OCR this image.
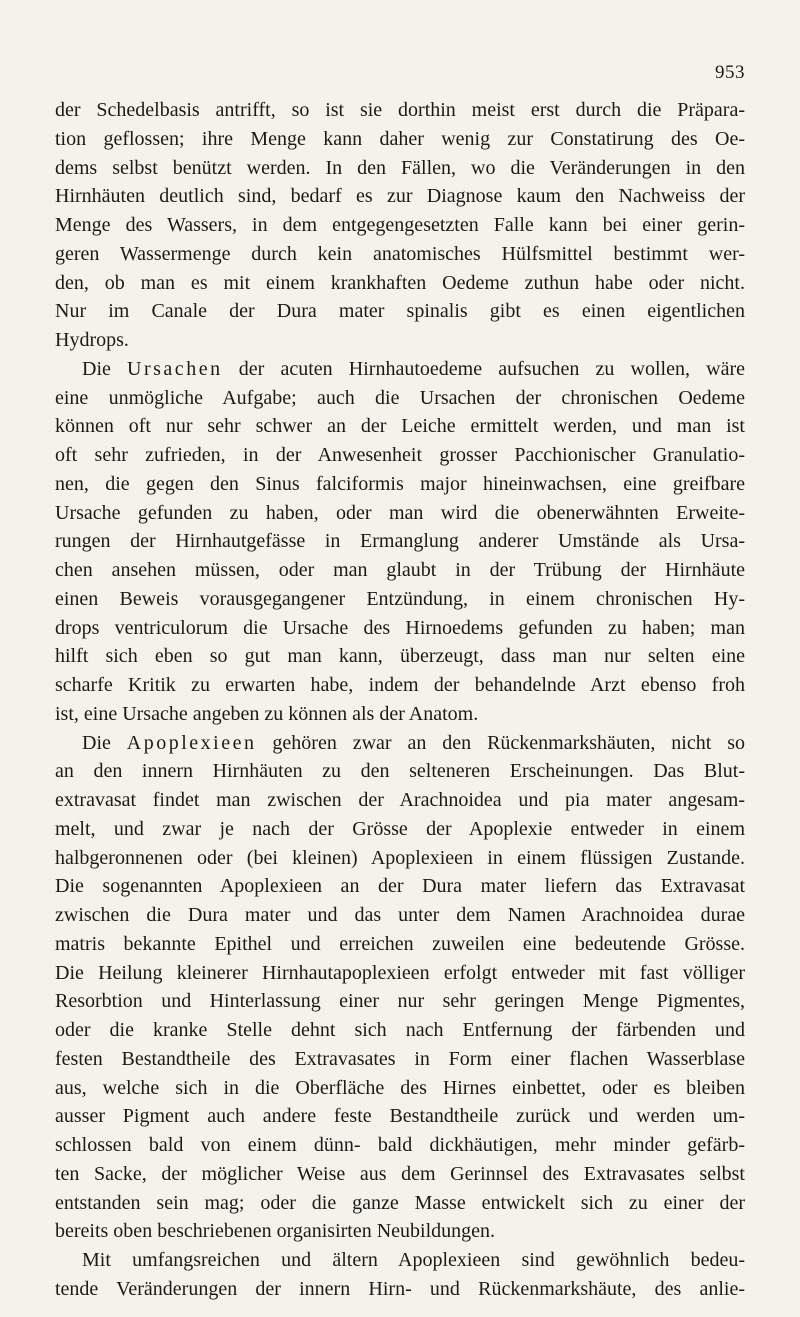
953
der Schedelbasis antrifft, so ist sie dorthin meist erst durch die Präpara-
tion geflossen; ihre Menge kann daher wenig zur Constatirung des Oe-
dems selbst benützt werden. In den Fällen, wo die Veränderungen in den
Hirnhäuten deutlich sind, bedarf es zur Diagnose kaum den Nachweiss der
Menge des Wassers, in dem entgegengesetzten Falle kann bei einer gerin-
geren Wassermenge durch kein anatomisches Hülfsmittel bestimmt wer-
den, ob man es mit einem krankhaften Oedeme zuthun habe oder nicht.
Nur im Canale der Dura mater spinalis gibt es einen eigentlichen
Hydrops.
Die Ursachen der acuten Hirnhautoedeme aufsuchen zu wollen, wäre
eine unmögliche Aufgabe; auch die Ursachen der chronischen Oedeme
können oft nur sehr schwer an der Leiche ermittelt werden, und man ist
oft sehr zufrieden, in der Anwesenheit grosser Pacchionischer Granulatio-
nen, die gegen den Sinus falciformis major hineinwachsen, eine greifbare
Ursache gefunden zu haben, oder man wird die obenerwähnten Erweite-
rungen der Hirnhautgefässe in Ermanglung anderer Umstände als Ursa-
chen ansehen müssen, oder man glaubt in der Trübung der Hirnhäute
einen Beweis vorausgegangener Entzündung, in einem chronischen Hy-
drops ventriculorum die Ursache des Hirnoedems gefunden zu haben; man
hilft sich eben so gut man kann, überzeugt, dass man nur selten eine
scharfe Kritik zu erwarten habe, indem der behandelnde Arzt ebenso froh
ist, eine Ursache angeben zu können als der Anatom.
Die Apoplexieen gehören zwar an den Rückenmarkshäuten, nicht so
an den innern Hirnhäuten zu den selteneren Erscheinungen. Das Blut-
extravasat findet man zwischen der Arachnoidea und pia mater angesam-
melt, und zwar je nach der Grösse der Apoplexie entweder in einem
halbgeronnenen oder (bei kleinen) Apoplexieen in einem flüssigen Zustande.
Die sogenannten Apoplexieen an der Dura mater liefern das Extravasat
zwischen die Dura mater und das unter dem Namen Arachnoidea durae
matris bekannte Epithel und erreichen zuweilen eine bedeutende Grösse.
Die Heilung kleinerer Hirnhautapoplexieen erfolgt entweder mit fast völliger
Resorbtion und Hinterlassung einer nur sehr geringen Menge Pigmentes,
oder die kranke Stelle dehnt sich nach Entfernung der färbenden und
festen Bestandtheile des Extravasates in Form einer flachen Wasserblase
aus, welche sich in die Oberfläche des Hirnes einbettet, oder es bleiben
ausser Pigment auch andere feste Bestandtheile zurück und werden um-
schlossen bald von einem dünn- bald dickhäutigen, mehr minder gefärb-
ten Sacke, der möglicher Weise aus dem Gerinnsel des Extravasates selbst
entstanden sein mag; oder die ganze Masse entwickelt sich zu einer der
bereits oben beschriebenen organisirten Neubildungen.
Mit umfangsreichen und ältern Apoplexieen sind gewöhnlich bedeu-
tende Veränderungen der innern Hirn- und Rückenmarkshäute, des anlie-
